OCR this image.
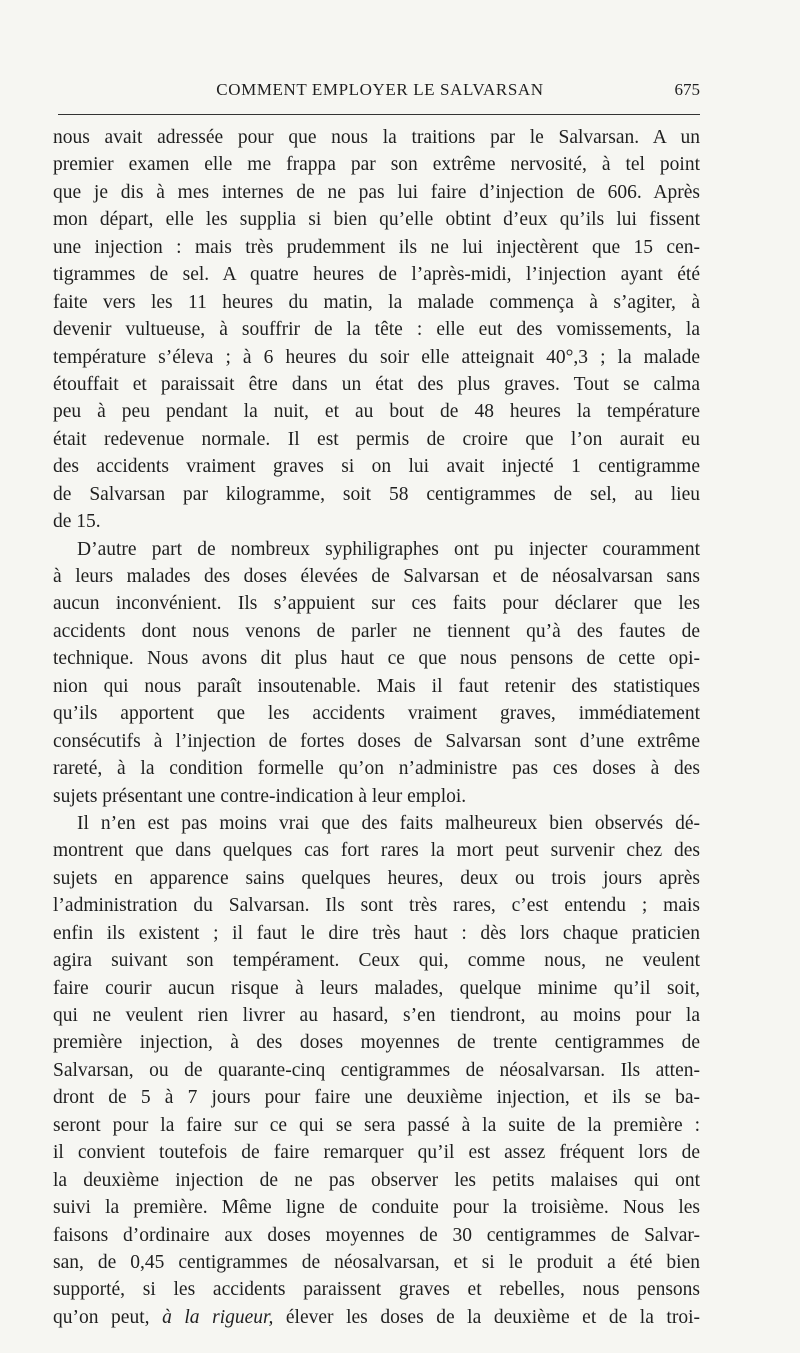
COMMENT EMPLOYER LE SALVARSAN	675
nous avait adressée pour que nous la traitions par le Salvarsan. A un
premier examen elle me frappa par son extrême nervosité, à tel point
que je dis à mes internes de ne pas lui faire d’injection de 606. Après
mon départ, elle les supplia si bien qu’elle obtint d’eux qu’ils lui fissent
une injection : mais très prudemment ils ne lui injectèrent que 15 cen-
tigrammes de sel. A quatre heures de l’après-midi, l’injection ayant été
faite vers les 11 heures du matin, la malade commença à s’agiter, à
devenir vultueuse, à souffrir de la tête : elle eut des vomissements, la
température s’éleva ; à 6 heures du soir elle atteignait 40°,3 ; la malade
étouffait et paraissait être dans un état des plus graves. Tout se calma
peu à peu pendant la nuit, et au bout de 48 heures la température
était redevenue normale. Il est permis de croire que l’on aurait eu
des accidents vraiment graves si on lui avait injecté 1 centigramme
de Salvarsan par kilogramme, soit 58 centigrammes de sel, au lieu
de 15.
D’autre part de nombreux syphiligraphes ont pu injecter couramment
à leurs malades des doses élevées de Salvarsan et de néosalvarsan sans
aucun inconvénient. Ils s’appuient sur ces faits pour déclarer que les
accidents dont nous venons de parler ne tiennent qu’à des fautes de
technique. Nous avons dit plus haut ce que nous pensons de cette opi-
nion qui nous paraît insoutenable. Mais il faut retenir des statistiques
qu’ils apportent que les accidents vraiment graves, immédiatement
consécutifs à l’injection de fortes doses de Salvarsan sont d’une extrême
rareté, à la condition formelle qu’on n’administre pas ces doses à des
sujets présentant une contre-indication à leur emploi.
Il n’en est pas moins vrai que des faits malheureux bien observés dé-
montrent que dans quelques cas fort rares la mort peut survenir chez des
sujets en apparence sains quelques heures, deux ou trois jours après
l’administration du Salvarsan. Ils sont très rares, c’est entendu ; mais
enfin ils existent ; il faut le dire très haut : dès lors chaque praticien
agira suivant son tempérament. Ceux qui, comme nous, ne veulent
faire courir aucun risque à leurs malades, quelque minime qu’il soit,
qui ne veulent rien livrer au hasard, s’en tiendront, au moins pour la
première injection, à des doses moyennes de trente centigrammes de
Salvarsan, ou de quarante-cinq centigrammes de néosalvarsan. Ils atten-
dront de 5 à 7 jours pour faire une deuxième injection, et ils se ba-
seront pour la faire sur ce qui se sera passé à la suite de la première :
il convient toutefois de faire remarquer qu’il est assez fréquent lors de
la deuxième injection de ne pas observer les petits malaises qui ont
suivi la première. Même ligne de conduite pour la troisième. Nous les
faisons d’ordinaire aux doses moyennes de 30 centigrammes de Salvar-
san, de 0,45 centigrammes de néosalvarsan, et si le produit a été bien
supporté, si les accidents paraissent graves et rebelles, nous pensons
qu’on peut, à la rigueur, élever les doses de la deuxième et de la troi-
